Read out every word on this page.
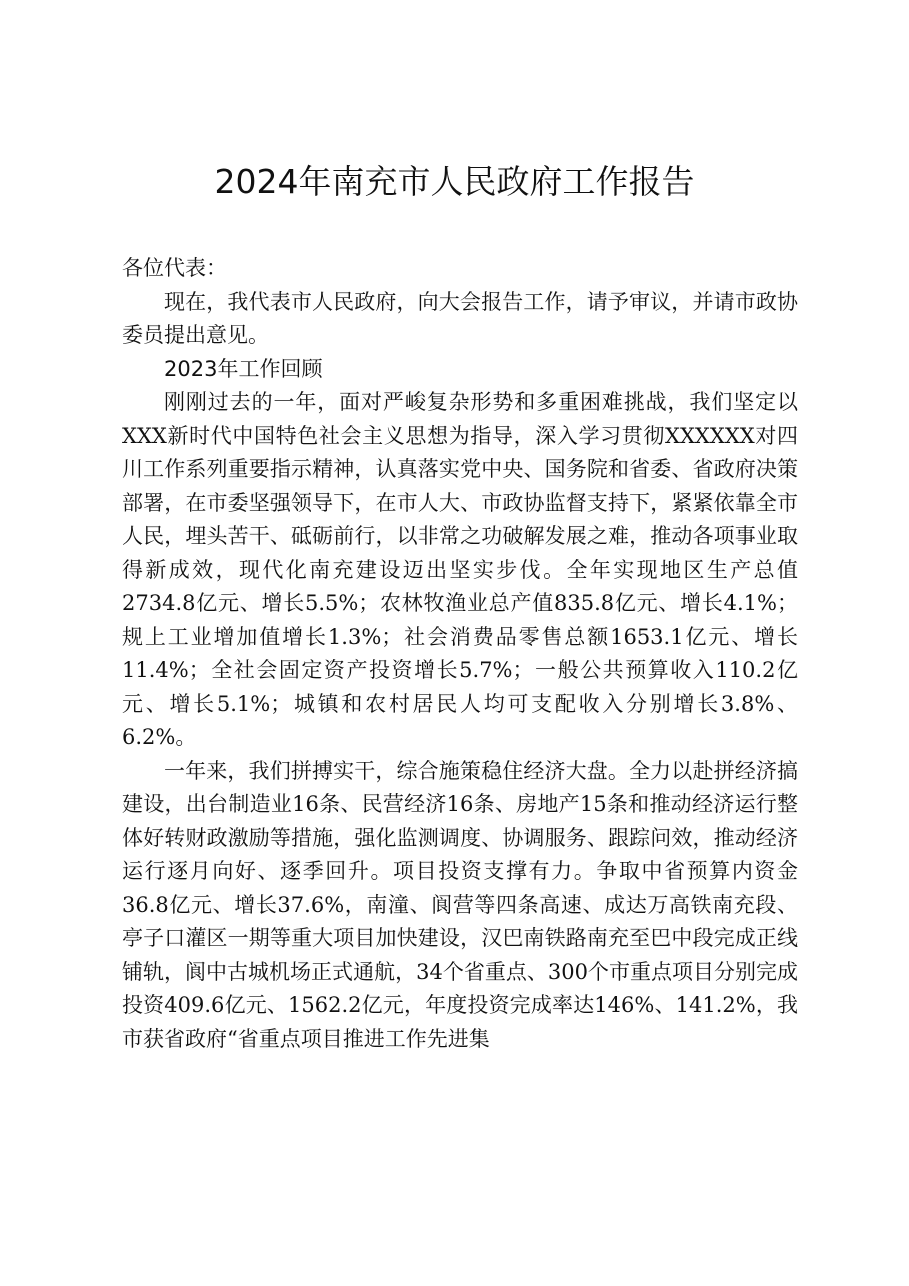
2024年南充市人民政府工作报告

各位代表：

现在，我代表市人民政府，向大会报告工作，请予审议，并请市政协委员提出意见。

2023年工作回顾

刚刚过去的一年，面对严峻复杂形势和多重困难挑战，我们坚定以XXX新时代中国特色社会主义思想为指导，深入学习贯彻XXXXXX对四川工作系列重要指示精神，认真落实党中央、国务院和省委、省政府决策部署，在市委坚强领导下，在市人大、市政协监督支持下，紧紧依靠全市人民，埋头苦干、砥砺前行，以非常之功破解发展之难，推动各项事业取得新成效，现代化南充建设迈出坚实步伐。全年实现地区生产总值2734.8亿元、增长5.5%；农林牧渔业总产值835.8亿元、增长4.1%；规上工业增加值增长1.3%；社会消费品零售总额1653.1亿元、增长11.4%；全社会固定资产投资增长5.7%；一般公共预算收入110.2亿元、增长5.1%；城镇和农村居民人均可支配收入分别增长3.8%、6.2%。

一年来，我们拼搏实干，综合施策稳住经济大盘。全力以赴拼经济搞建设，出台制造业16条、民营经济16条、房地产15条和推动经济运行整体好转财政激励等措施，强化监测调度、协调服务、跟踪问效，推动经济运行逐月向好、逐季回升。项目投资支撑有力。争取中省预算内资金36.8亿元、增长37.6%，南潼、阆营等四条高速、成达万高铁南充段、亭子口灌区一期等重大项目加快建设，汉巴南铁路南充至巴中段完成正线铺轨，阆中古城机场正式通航，34个省重点、300个市重点项目分别完成投资409.6亿元、1562.2亿元，年度投资完成率达146%、141.2%，我市获省政府“省重点项目推进工作先进集
